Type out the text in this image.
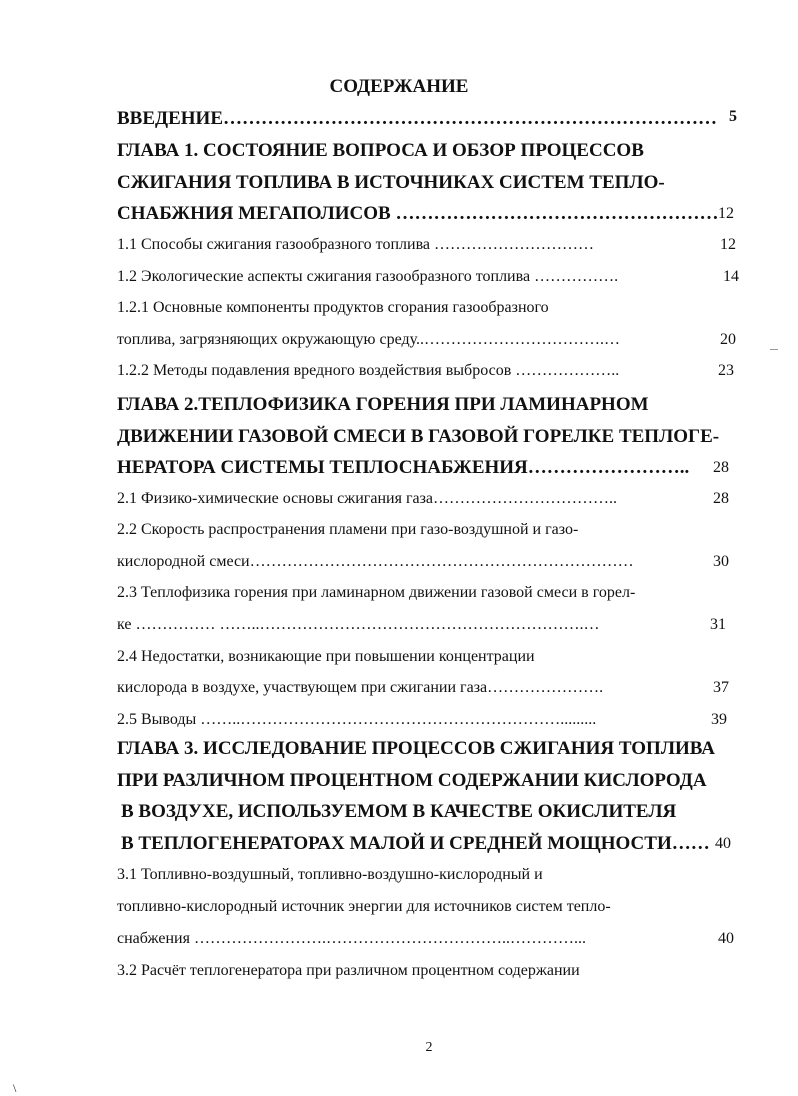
СОДЕРЖАНИЕ
ВВЕДЕНИЕ…………………………………………………………………… 5
ГЛАВА 1. СОСТОЯНИЕ ВОПРОСА И ОБЗОР ПРОЦЕССОВ
СЖИГАНИЯ ТОПЛИВА В ИСТОЧНИКАХ СИСТЕМ ТЕПЛО-
СНАБЖНИЯ МЕГАПОЛИСОВ …………………………………………… 12
1.1 Способы сжигания газообразного топлива …………………………	12
1.2 Экологические аспекты сжигания газообразного топлива …………….	14
1.2.1 Основные компоненты продуктов сгорания газообразного
топлива, загрязняющих окружающую среду..…………………………….…	20
1.2.2 Методы подавления вредного воздействия выбросов ………………..	23
ГЛАВА 2.ТЕПЛОФИЗИКА ГОРЕНИЯ ПРИ ЛАМИНАРНОМ
ДВИЖЕНИИ ГАЗОВОЙ СМЕСИ В ГАЗОВОЙ ГОРЕЛКЕ ТЕПЛОГЕ-
НЕРАТОРА СИСТЕМЫ ТЕПЛОСНАБЖЕНИЯ…………………….. 28
2.1 Физико-химические основы сжигания газа……………………………..	28
2.2 Скорость распространения пламени при газо-воздушной и газо-
кислородной смеси………………………………………………………………	30
2.3 Теплофизика горения при ламинарном движении газовой смеси в горел-
ке …………… ……..…………………………………………………….…	31
2.4 Недостатки, возникающие при повышении концентрации
кислорода в воздухе, участвующем при сжигании газа………………….	37
2.5 Выводы ……..…………………………………………………….........	39
ГЛАВА 3. ИССЛЕДОВАНИЕ ПРОЦЕССОВ СЖИГАНИЯ ТОПЛИВА
ПРИ РАЗЛИЧНОМ ПРОЦЕНТНОМ СОДЕРЖАНИИ КИСЛОРОДА
В ВОЗДУХЕ, ИСПОЛЬЗУЕМОМ В КАЧЕСТВЕ ОКИСЛИТЕЛЯ
В ТЕПЛОГЕНЕРАТОРАХ МАЛОЙ И СРЕДНЕЙ МОЩНОСТИ…… 40
3.1 Топливно-воздушный, топливно-воздушно-кислородный и
топливно-кислородный источник энергии для источников систем тепло-
снабжения …………………….……………………………..…………...	40
3.2 Расчёт теплогенератора при различном процентном содержании
2
\
